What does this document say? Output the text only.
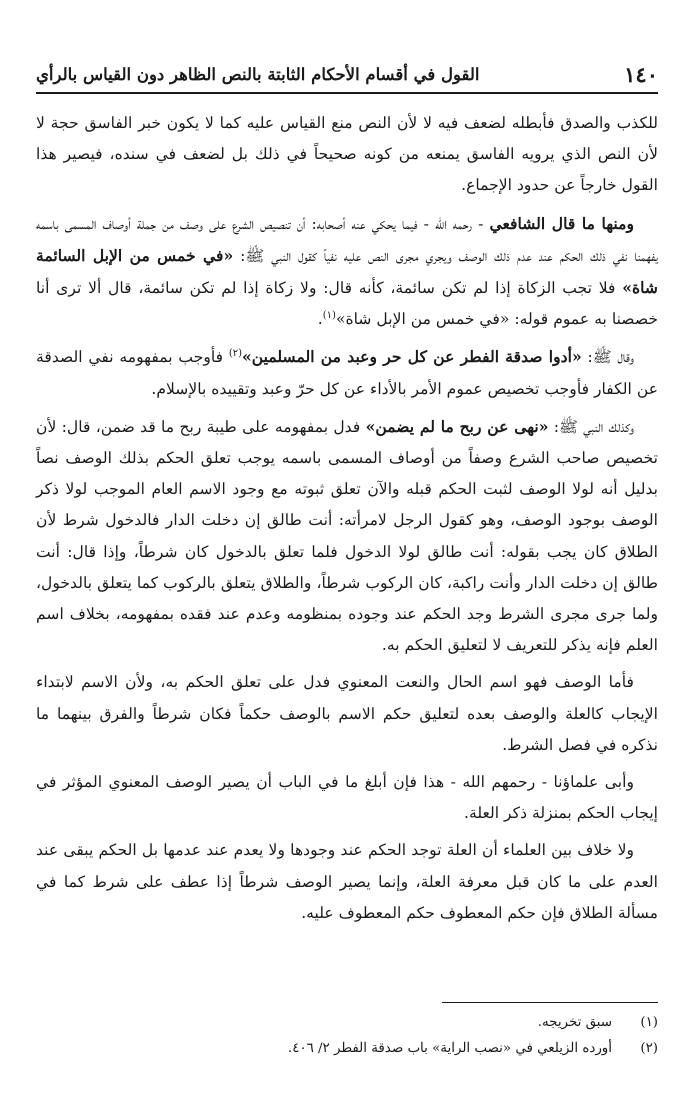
١٤٠
القول في أقسام الأحكام الثابتة بالنص الظاهر دون القياس بالرأي

للكذب والصدق فأبطله لضعف فيه لا لأن النص منع القياس عليه كما لا يكون خبر الفاسق حجة لا لأن النص الذي يرويه الفاسق يمنعه من كونه صحيحاً في ذلك بل لضعف في سنده، فيصير هذا القول خارجاً عن حدود الإجماع.

ومنها ما قال الشافعي - رحمه الله - فيما يحكي عنه أصحابه: أن تنصيص الشرع على وصف من جملة أوصاف المسمى باسمه يفهمنا نفي ذلك الحكم عند عدم ذلك الوصف ويجري مجرى النص عليه نفياً كقول النبي ﷺ: «في خمس من الإبل السائمة شاة» فلا تجب الزكاة إذا لم تكن سائمة، كأنه قال: ولا زكاة إذا لم تكن سائمة، قال ألا ترى أنا خصصنا به عموم قوله: «في خمس من الإبل شاة»$^{(١)}$.

وقال ﷺ: «أدوا صدقة الفطر عن كل حر وعبد من المسلمين»$^{(٢)}$ فأوجب بمفهومه نفي الصدقة عن الكفار فأوجب تخصيص عموم الأمر بالأداء عن كل حرّ وعبد وتقييده بالإسلام.

وكذلك النبي ﷺ: «نهى عن ربح ما لم يضمن» فدل بمفهومه على طيبة ربح ما قد ضمن، قال: لأن تخصيص صاحب الشرع وصفاً من أوصاف المسمى باسمه يوجب تعلق الحكم بذلك الوصف نصاً بدليل أنه لولا الوصف لثبت الحكم قبله والآن تعلق ثبوته مع وجود الاسم العام الموجب لولا ذكر الوصف بوجود الوصف، وهو كقول الرجل لامرأته: أنت طالق إن دخلت الدار فالدخول شرط لأن الطلاق كان يجب بقوله: أنت طالق لولا الدخول فلما تعلق بالدخول كان شرطاً، وإذا قال: أنت طالق إن دخلت الدار وأنت راكبة، كان الركوب شرطاً، والطلاق يتعلق بالركوب كما يتعلق بالدخول، ولما جرى مجرى الشرط وجد الحكم عند وجوده بمنظومه وعدم عند فقده بمفهومه، بخلاف اسم العلم فإنه يذكر للتعريف لا لتعليق الحكم به.

فأما الوصف فهو اسم الحال والنعت المعنوي فدل على تعلق الحكم به، ولأن الاسم لابتداء الإيجاب كالعلة والوصف بعده لتعليق حكم الاسم بالوصف حكماً فكان شرطاً والفرق بينهما ما نذكره في فصل الشرط.

وأبى علماؤنا - رحمهم الله - هذا فإن أبلغ ما في الباب أن يصير الوصف المعنوي المؤثر في إيجاب الحكم بمنزلة ذكر العلة.

ولا خلاف بين العلماء أن العلة توجد الحكم عند وجودها ولا يعدم عند عدمها بل الحكم يبقى عند العدم على ما كان قبل معرفة العلة، وإنما يصير الوصف شرطاً إذا عطف على شرط كما في مسألة الطلاق فإن حكم المعطوف حكم المعطوف عليه.

(١)
سبق تخريجه.
(٢)
أورده الزيلعي في «نصب الراية» باب صدقة الفطر ٢/ ٤٠٦.
